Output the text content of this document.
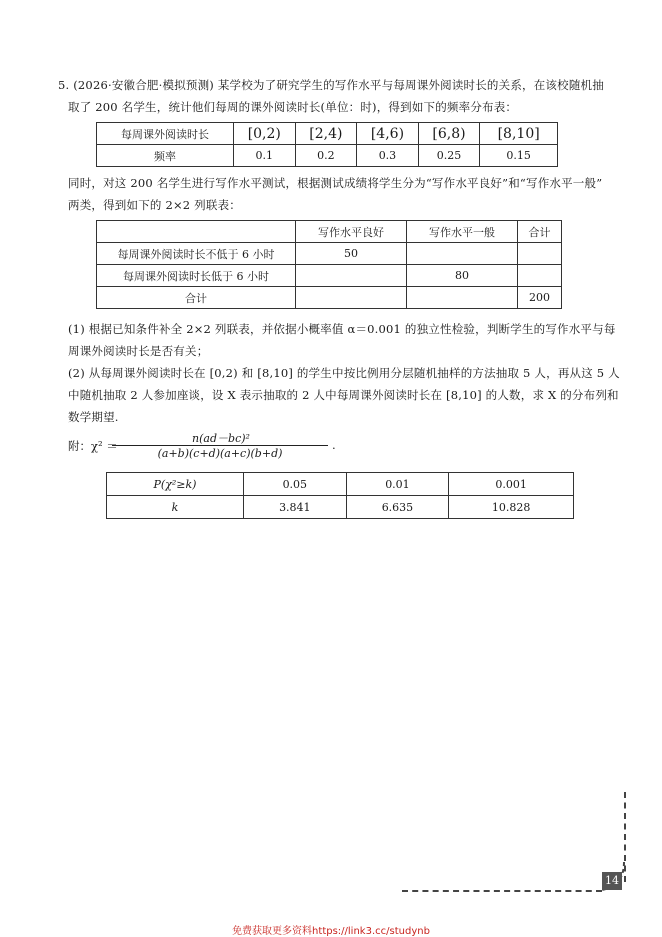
5. (2026·安徽合肥·模拟预测) 某学校为了研究学生的写作水平与每周课外阅读时长的关系，在该校随机抽
取了 200 名学生，统计他们每周的课外阅读时长(单位：时)，得到如下的频率分布表：
每周课外阅读时长	[0,2)	[2,4)	[4,6)	[6,8)	[8,10]
频率	0.1	0.2	0.3	0.25	0.15
同时，对这 200 名学生进行写作水平测试，根据测试成绩将学生分为“写作水平良好”和“写作水平一般”
两类，得到如下的 2×2 列联表：
	写作水平良好	写作水平一般	合计
每周课外阅读时长不低于 6 小时	50		
每周课外阅读时长低于 6 小时		80	
合计			200
(1) 根据已知条件补全 2×2 列联表，并依据小概率值 α＝0.001 的独立性检验，判断学生的写作水平与每
周课外阅读时长是否有关；
(2) 从每周课外阅读时长在 [0,2) 和 [8,10] 的学生中按比例用分层随机抽样的方法抽取 5 人，再从这 5 人
中随机抽取 2 人参加座谈，设 X 表示抽取的 2 人中每周课外阅读时长在 [8,10] 的人数，求 X 的分布列和
数学期望.
附：χ² ＝
n(ad－bc)²
(a+b)(c+d)(a+c)(b+d)
.
P(χ²≥k)	0.05	0.01	0.001
k	3.841	6.635	10.828
14
免费获取更多资料https://link3.cc/studynb
